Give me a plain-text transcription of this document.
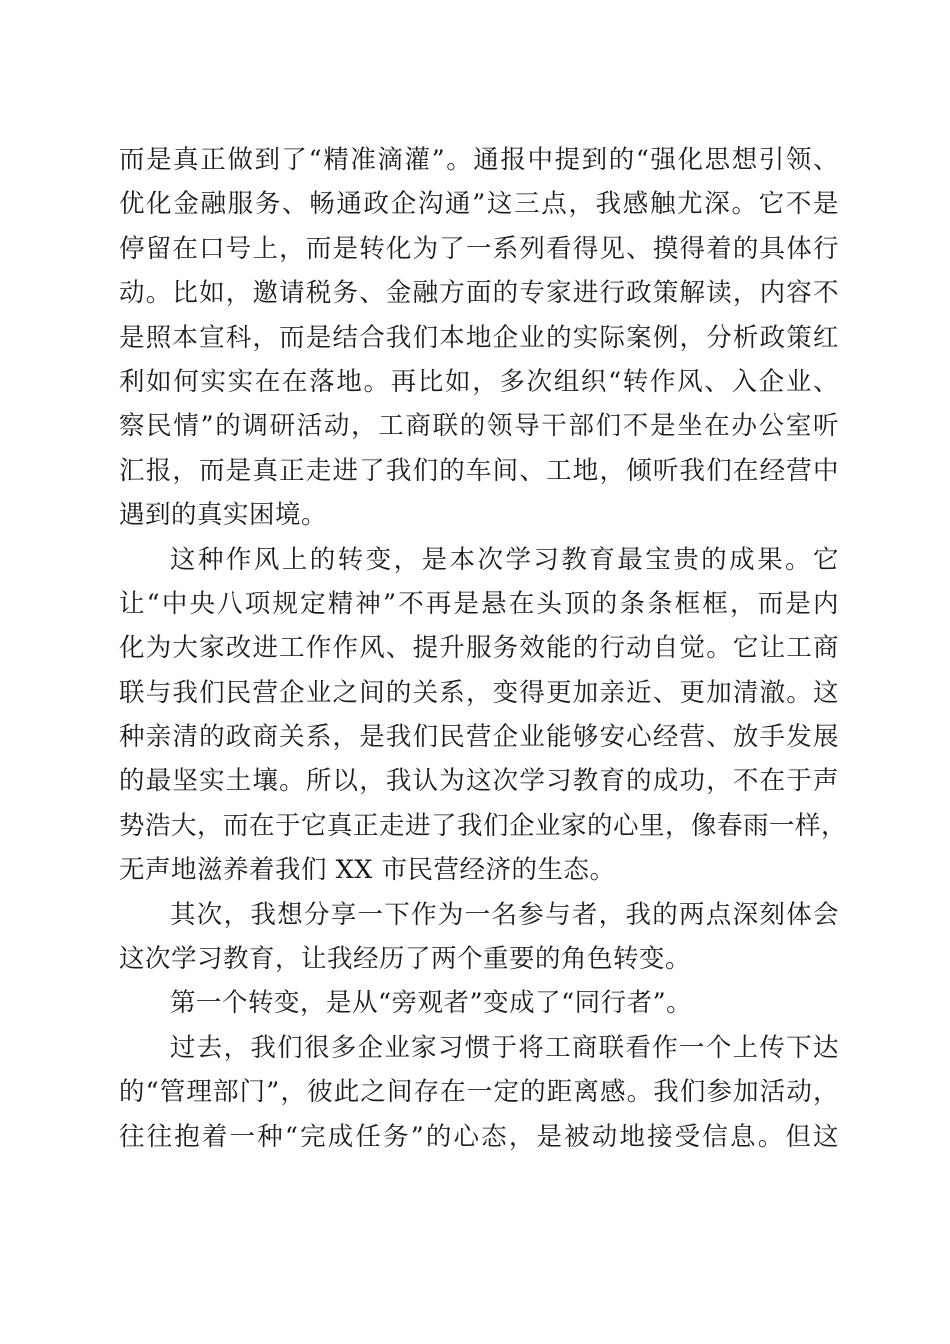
而是真正做到了“精准滴灌”。通报中提到的“强化思想引领、
优化金融服务、畅通政企沟通”这三点，我感触尤深。它不是
停留在口号上，而是转化为了一系列看得见、摸得着的具体行
动。比如，邀请税务、金融方面的专家进行政策解读，内容不
是照本宣科，而是结合我们本地企业的实际案例，分析政策红
利如何实实在在落地。再比如，多次组织“转作风、入企业、
察民情”的调研活动，工商联的领导干部们不是坐在办公室听
汇报，而是真正走进了我们的车间、工地，倾听我们在经营中
遇到的真实困境。
这种作风上的转变，是本次学习教育最宝贵的成果。它
让“中央八项规定精神”不再是悬在头顶的条条框框，而是内
化为大家改进工作作风、提升服务效能的行动自觉。它让工商
联与我们民营企业之间的关系，变得更加亲近、更加清澈。这
种亲清的政商关系，是我们民营企业能够安心经营、放手发展
的最坚实土壤。所以，我认为这次学习教育的成功，不在于声
势浩大，而在于它真正走进了我们企业家的心里，像春雨一样，
无声地滋养着我们 XX 市民营经济的生态。
其次，我想分享一下作为一名参与者，我的两点深刻体会
这次学习教育，让我经历了两个重要的角色转变。
第一个转变，是从“旁观者”变成了“同行者”。
过去，我们很多企业家习惯于将工商联看作一个上传下达
的“管理部门”，彼此之间存在一定的距离感。我们参加活动，
往往抱着一种“完成任务”的心态，是被动地接受信息。但这
